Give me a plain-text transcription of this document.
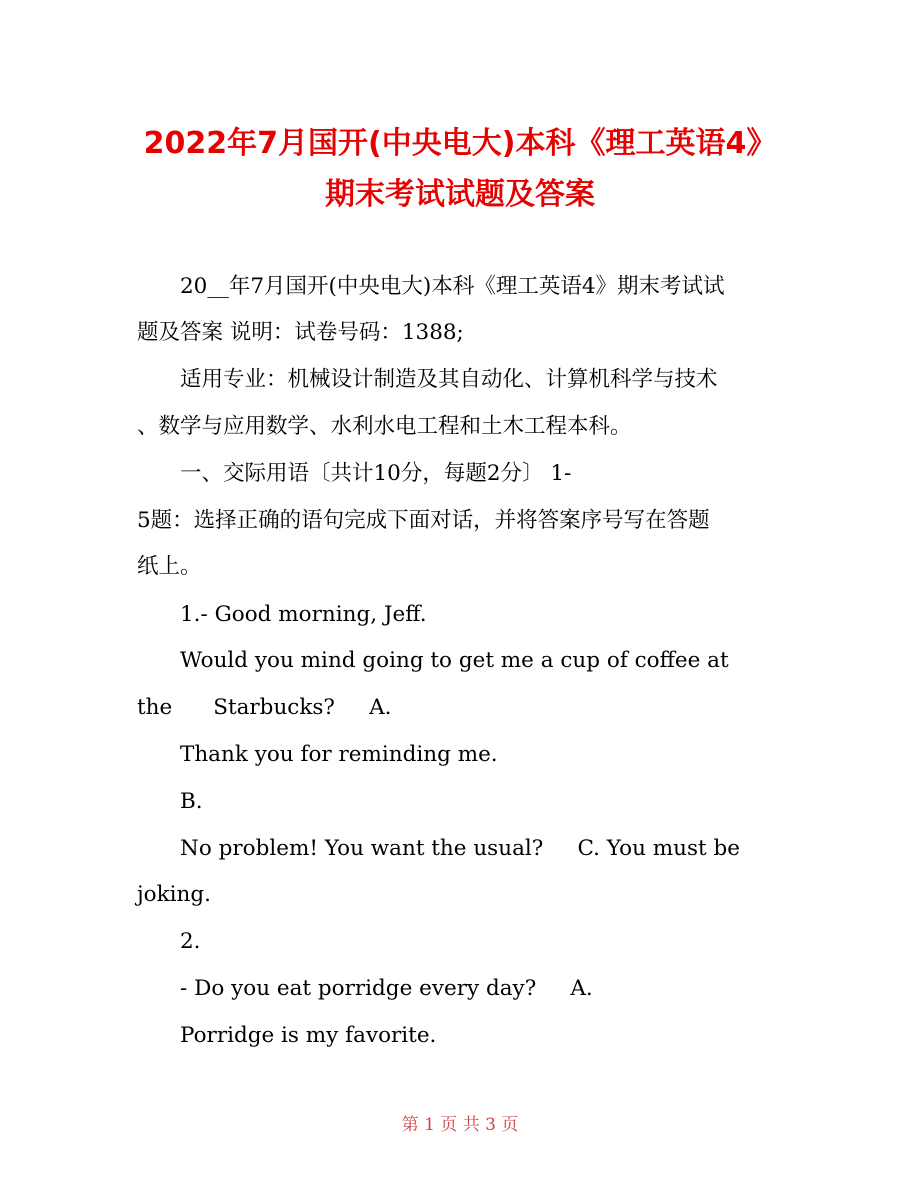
2022年7月国开(中央电大)本科《理工英语4》
期末考试试题及答案
20__年7月国开(中央电大)本科《理工英语4》期末考试试
题及答案 说明：试卷号码：1388;
适用专业：机械设计制造及其自动化、计算机科学与技术
、数学与应用数学、水利水电工程和土木工程本科。
一、交际用语〔共计10分，每题2分〕 1-
5题：选择正确的语句完成下面对话，并将答案序号写在答题
纸上。
1.- Good morning, Jeff.
Would you mind going to get me a cup of coffee at
the      Starbucks?     A.
Thank you for reminding me.
B.
No problem! You want the usual?     C. You must be
joking.
2.
- Do you eat porridge every day?     A.
Porridge is my favorite.
第 1 页 共 3 页
